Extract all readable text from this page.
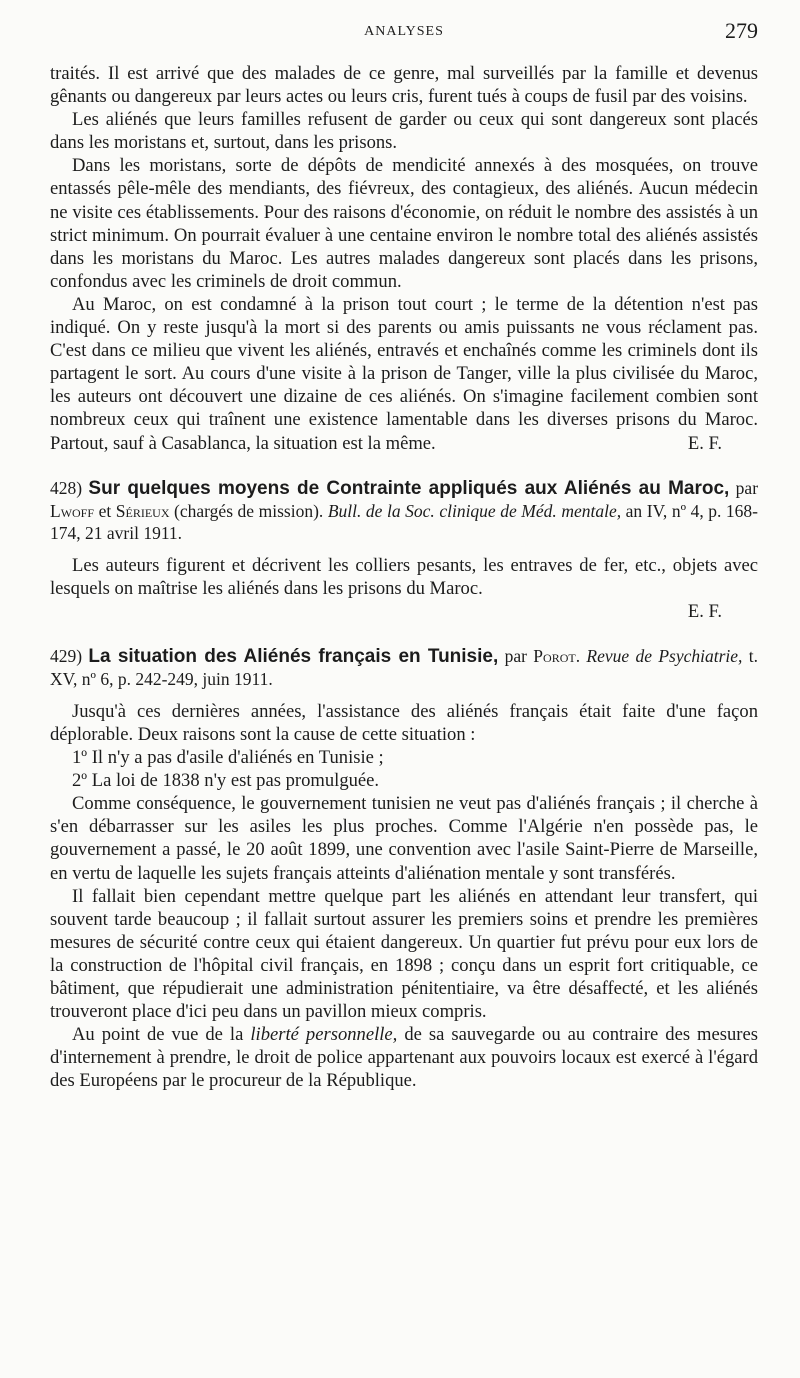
ANALYSES	279

traités. Il est arrivé que des malades de ce genre, mal surveillés par la famille et devenus gênants ou dangereux par leurs actes ou leurs cris, furent tués à coups de fusil par des voisins.

Les aliénés que leurs familles refusent de garder ou ceux qui sont dangereux sont placés dans les moristans et, surtout, dans les prisons.

Dans les moristans, sorte de dépôts de mendicité annexés à des mosquées, on trouve entassés pêle-mêle des mendiants, des fiévreux, des contagieux, des aliénés. Aucun médecin ne visite ces établissements. Pour des raisons d'économie, on réduit le nombre des assistés à un strict minimum. On pourrait évaluer à une centaine environ le nombre total des aliénés assistés dans les moristans du Maroc. Les autres malades dangereux sont placés dans les prisons, confondus avec les criminels de droit commun.

Au Maroc, on est condamné à la prison tout court ; le terme de la détention n'est pas indiqué. On y reste jusqu'à la mort si des parents ou amis puissants ne vous réclament pas. C'est dans ce milieu que vivent les aliénés, entravés et enchaînés comme les criminels dont ils partagent le sort. Au cours d'une visite à la prison de Tanger, ville la plus civilisée du Maroc, les auteurs ont découvert une dizaine de ces aliénés. On s'imagine facilement combien sont nombreux ceux qui traînent une existence lamentable dans les diverses prisons du Maroc. Partout, sauf à Casablanca, la situation est la même.	E. F.

428) Sur quelques moyens de Contrainte appliqués aux Aliénés au Maroc, par Lwoff et Sérieux (chargés de mission). Bull. de la Soc. clinique de Méd. mentale, an IV, nº 4, p. 168-174, 21 avril 1911.

Les auteurs figurent et décrivent les colliers pesants, les entraves de fer, etc., objets avec lesquels on maîtrise les aliénés dans les prisons du Maroc.

E. F.

429) La situation des Aliénés français en Tunisie, par Porot. Revue de Psychiatrie, t. XV, nº 6, p. 242-249, juin 1911.

Jusqu'à ces dernières années, l'assistance des aliénés français était faite d'une façon déplorable. Deux raisons sont la cause de cette situation :

1º Il n'y a pas d'asile d'aliénés en Tunisie ;

2º La loi de 1838 n'y est pas promulguée.

Comme conséquence, le gouvernement tunisien ne veut pas d'aliénés français ; il cherche à s'en débarrasser sur les asiles les plus proches. Comme l'Algérie n'en possède pas, le gouvernement a passé, le 20 août 1899, une convention avec l'asile Saint-Pierre de Marseille, en vertu de laquelle les sujets français atteints d'aliénation mentale y sont transférés.

Il fallait bien cependant mettre quelque part les aliénés en attendant leur transfert, qui souvent tarde beaucoup ; il fallait surtout assurer les premiers soins et prendre les premières mesures de sécurité contre ceux qui étaient dangereux. Un quartier fut prévu pour eux lors de la construction de l'hôpital civil français, en 1898 ; conçu dans un esprit fort critiquable, ce bâtiment, que répudierait une administration pénitentiaire, va être désaffecté, et les aliénés trouveront place d'ici peu dans un pavillon mieux compris.

Au point de vue de la liberté personnelle, de sa sauvegarde ou au contraire des mesures d'internement à prendre, le droit de police appartenant aux pouvoirs locaux est exercé à l'égard des Européens par le procureur de la République.
